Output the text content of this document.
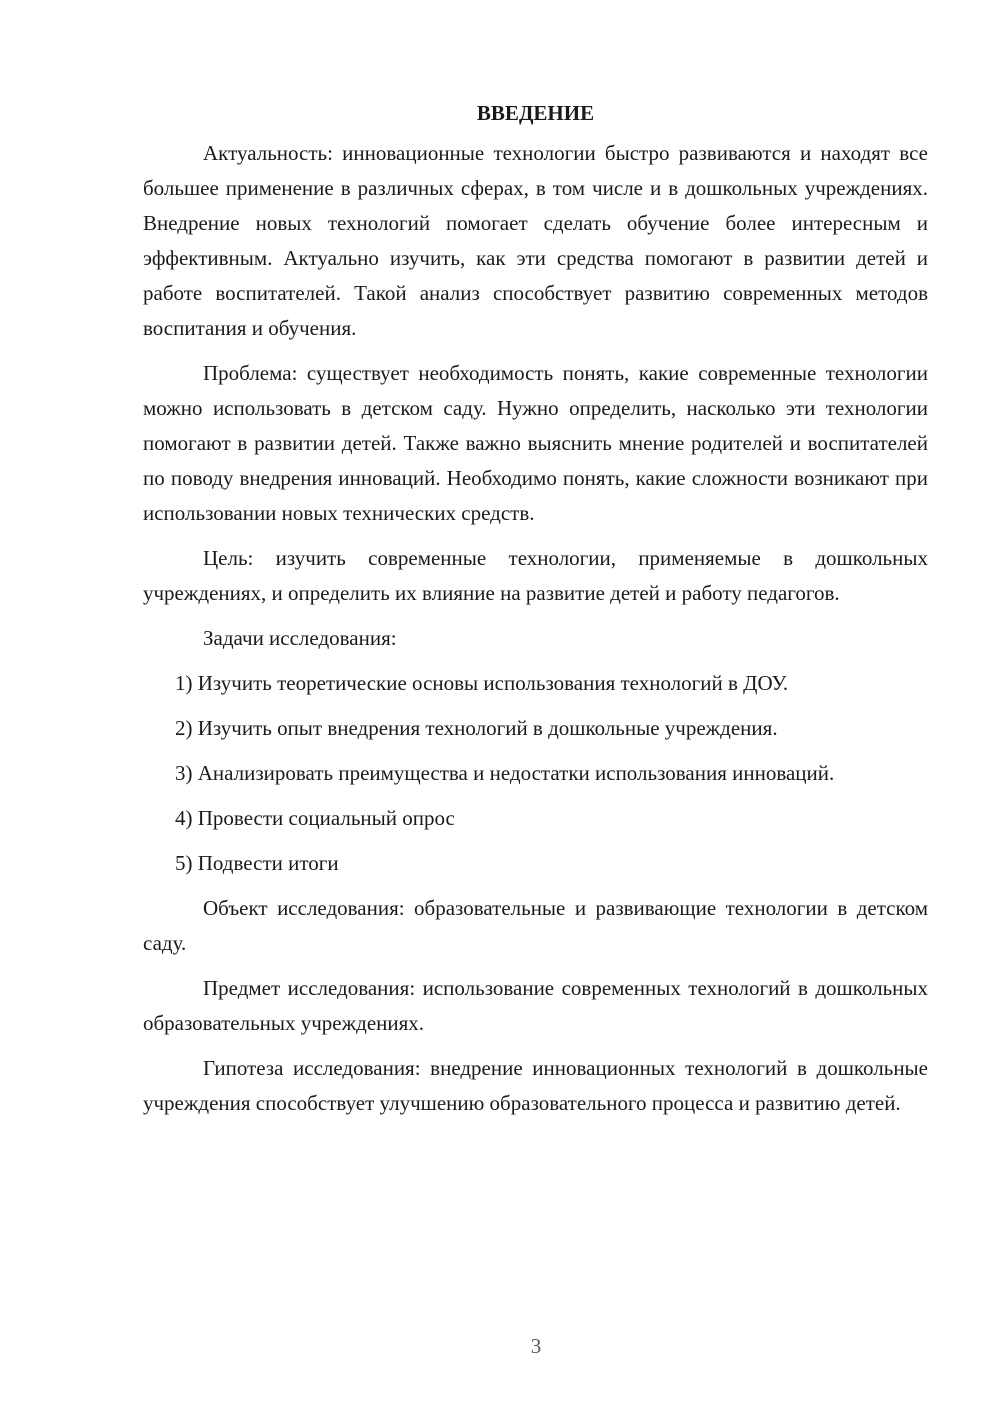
ВВЕДЕНИЕ

Актуальность: инновационные технологии быстро развиваются и находят все большее применение в различных сферах, в том числе и в дошкольных учреждениях. Внедрение новых технологий помогает сделать обучение более интересным и эффективным. Актуально изучить, как эти средства помогают в развитии детей и работе воспитателей. Такой анализ способствует развитию современных методов воспитания и обучения.

Проблема: существует необходимость понять, какие современные технологии можно использовать в детском саду. Нужно определить, насколько эти технологии помогают в развитии детей. Также важно выяснить мнение родителей и воспитателей по поводу внедрения инноваций. Необходимо понять, какие сложности возникают при использовании новых технических средств.

Цель: изучить современные технологии, применяемые в дошкольных учреждениях, и определить их влияние на развитие детей и работу педагогов.

Задачи исследования:

1) Изучить теоретические основы использования технологий в ДОУ.

2) Изучить опыт внедрения технологий в дошкольные учреждения.

3) Анализировать преимущества и недостатки использования инноваций.

4) Провести социальный опрос

5) Подвести итоги

Объект исследования: образовательные и развивающие технологии в детском саду.

Предмет исследования: использование современных технологий в дошкольных образовательных учреждениях.

Гипотеза исследования: внедрение инновационных технологий в дошкольные учреждения способствует улучшению образовательного процесса и развитию детей.

3
